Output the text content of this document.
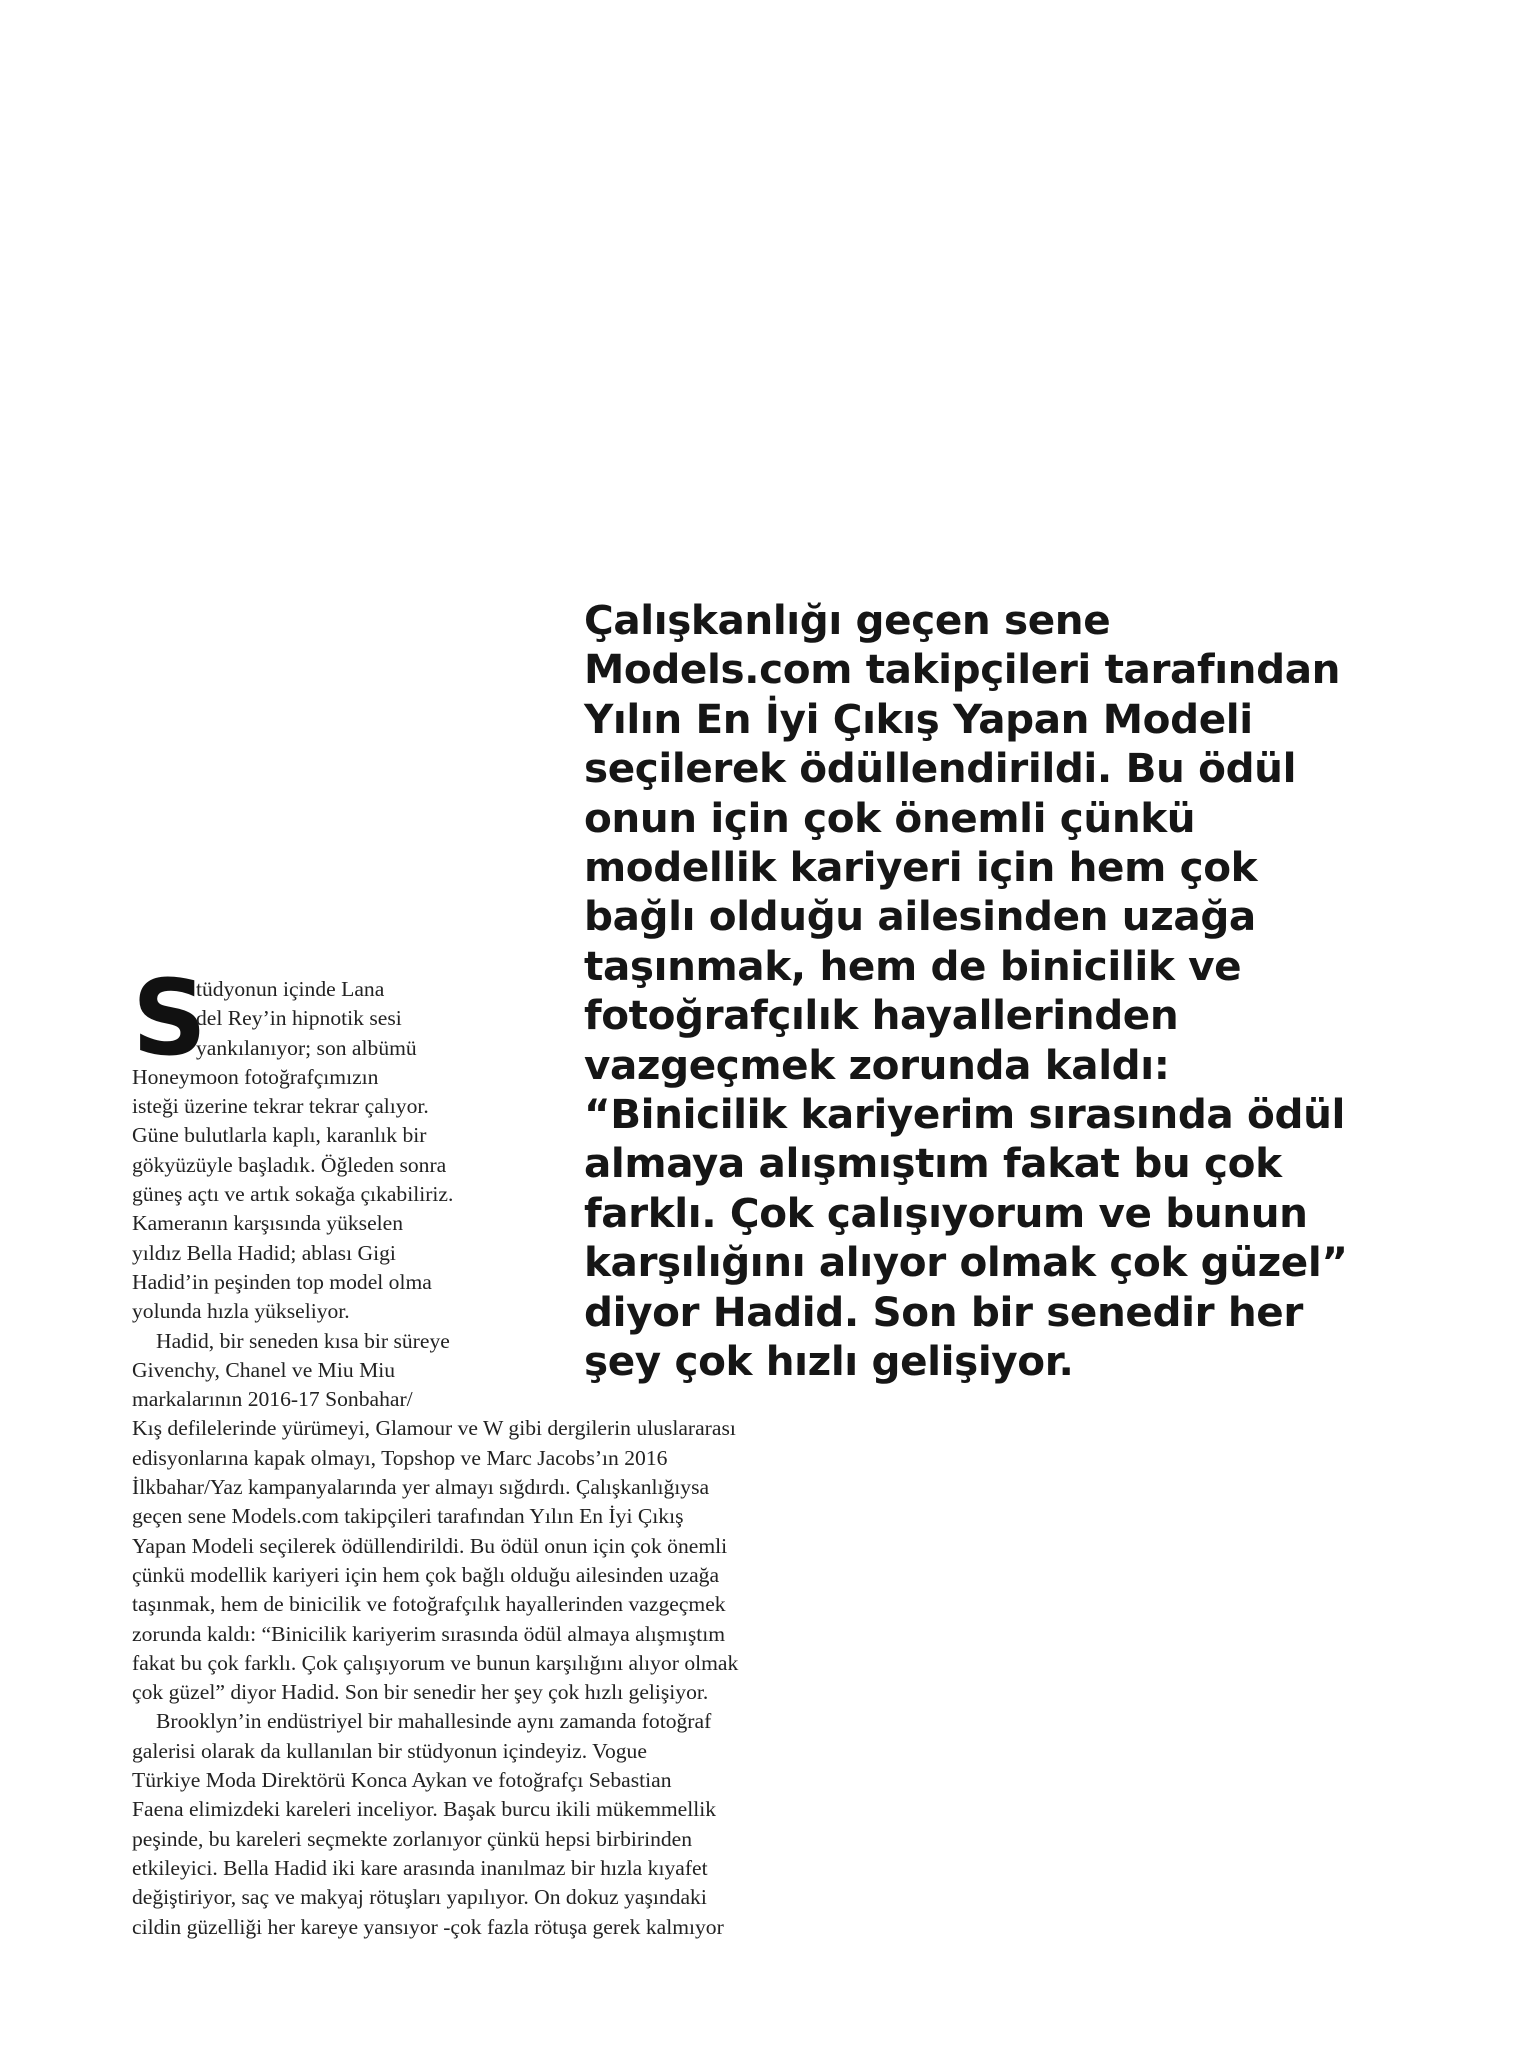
Çalışkanlığı geçen sene
Models.com takipçileri tarafından
Yılın En İyi Çıkış Yapan Modeli
seçilerek ödüllendirildi. Bu ödül
onun için çok önemli çünkü
modellik kariyeri için hem çok
bağlı olduğu ailesinden uzağa
taşınmak, hem de binicilik ve
fotoğrafçılık hayallerinden
vazgeçmek zorunda kaldı:
“Binicilik kariyerim sırasında ödül
almaya alışmıştım fakat bu çok
farklı. Çok çalışıyorum ve bunun
karşılığını alıyor olmak çok güzel”
diyor Hadid. Son bir senedir her
şey çok hızlı gelişiyor.
S
tüdyonun içinde Lana
del Rey’in hipnotik sesi
yankılanıyor; son albümü
Honeymoon fotoğrafçımızın
isteği üzerine tekrar tekrar çalıyor.
Güne bulutlarla kaplı, karanlık bir
gökyüzüyle başladık. Öğleden sonra
güneş açtı ve artık sokağa çıkabiliriz.
Kameranın karşısında yükselen
yıldız Bella Hadid; ablası Gigi
Hadid’in peşinden top model olma
yolunda hızla yükseliyor.
Hadid, bir seneden kısa bir süreye
Givenchy, Chanel ve Miu Miu
markalarının 2016-17 Sonbahar/
Kış defilelerinde yürümeyi, Glamour ve W gibi dergilerin uluslararası
edisyonlarına kapak olmayı, Topshop ve Marc Jacobs’ın 2016
İlkbahar/Yaz kampanyalarında yer almayı sığdırdı. Çalışkanlığıysa
geçen sene Models.com takipçileri tarafından Yılın En İyi Çıkış
Yapan Modeli seçilerek ödüllendirildi. Bu ödül onun için çok önemli
çünkü modellik kariyeri için hem çok bağlı olduğu ailesinden uzağa
taşınmak, hem de binicilik ve fotoğrafçılık hayallerinden vazgeçmek
zorunda kaldı: “Binicilik kariyerim sırasında ödül almaya alışmıştım
fakat bu çok farklı. Çok çalışıyorum ve bunun karşılığını alıyor olmak
çok güzel” diyor Hadid. Son bir senedir her şey çok hızlı gelişiyor.
Brooklyn’in endüstriyel bir mahallesinde aynı zamanda fotoğraf
galerisi olarak da kullanılan bir stüdyonun içindeyiz. Vogue
Türkiye Moda Direktörü Konca Aykan ve fotoğrafçı Sebastian
Faena elimizdeki kareleri inceliyor. Başak burcu ikili mükemmellik
peşinde, bu kareleri seçmekte zorlanıyor çünkü hepsi birbirinden
etkileyici. Bella Hadid iki kare arasında inanılmaz bir hızla kıyafet
değiştiriyor, saç ve makyaj rötuşları yapılıyor. On dokuz yaşındaki
cildin güzelliği her kareye yansıyor -çok fazla rötuşa gerek kalmıyor
